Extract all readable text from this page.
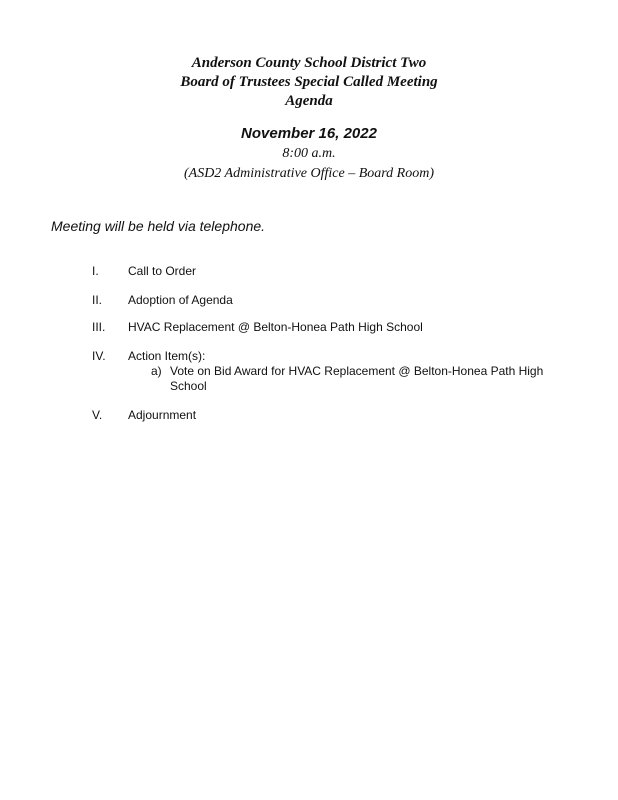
Anderson County School District Two
Board of Trustees Special Called Meeting
Agenda
November 16, 2022
8:00 a.m.
(ASD2 Administrative Office – Board Room)
Meeting will be held via telephone.
I. Call to Order
II. Adoption of Agenda
III. HVAC Replacement @ Belton-Honea Path High School
IV. Action Item(s):
a) Vote on Bid Award for HVAC Replacement @ Belton-Honea Path High School
V. Adjournment
